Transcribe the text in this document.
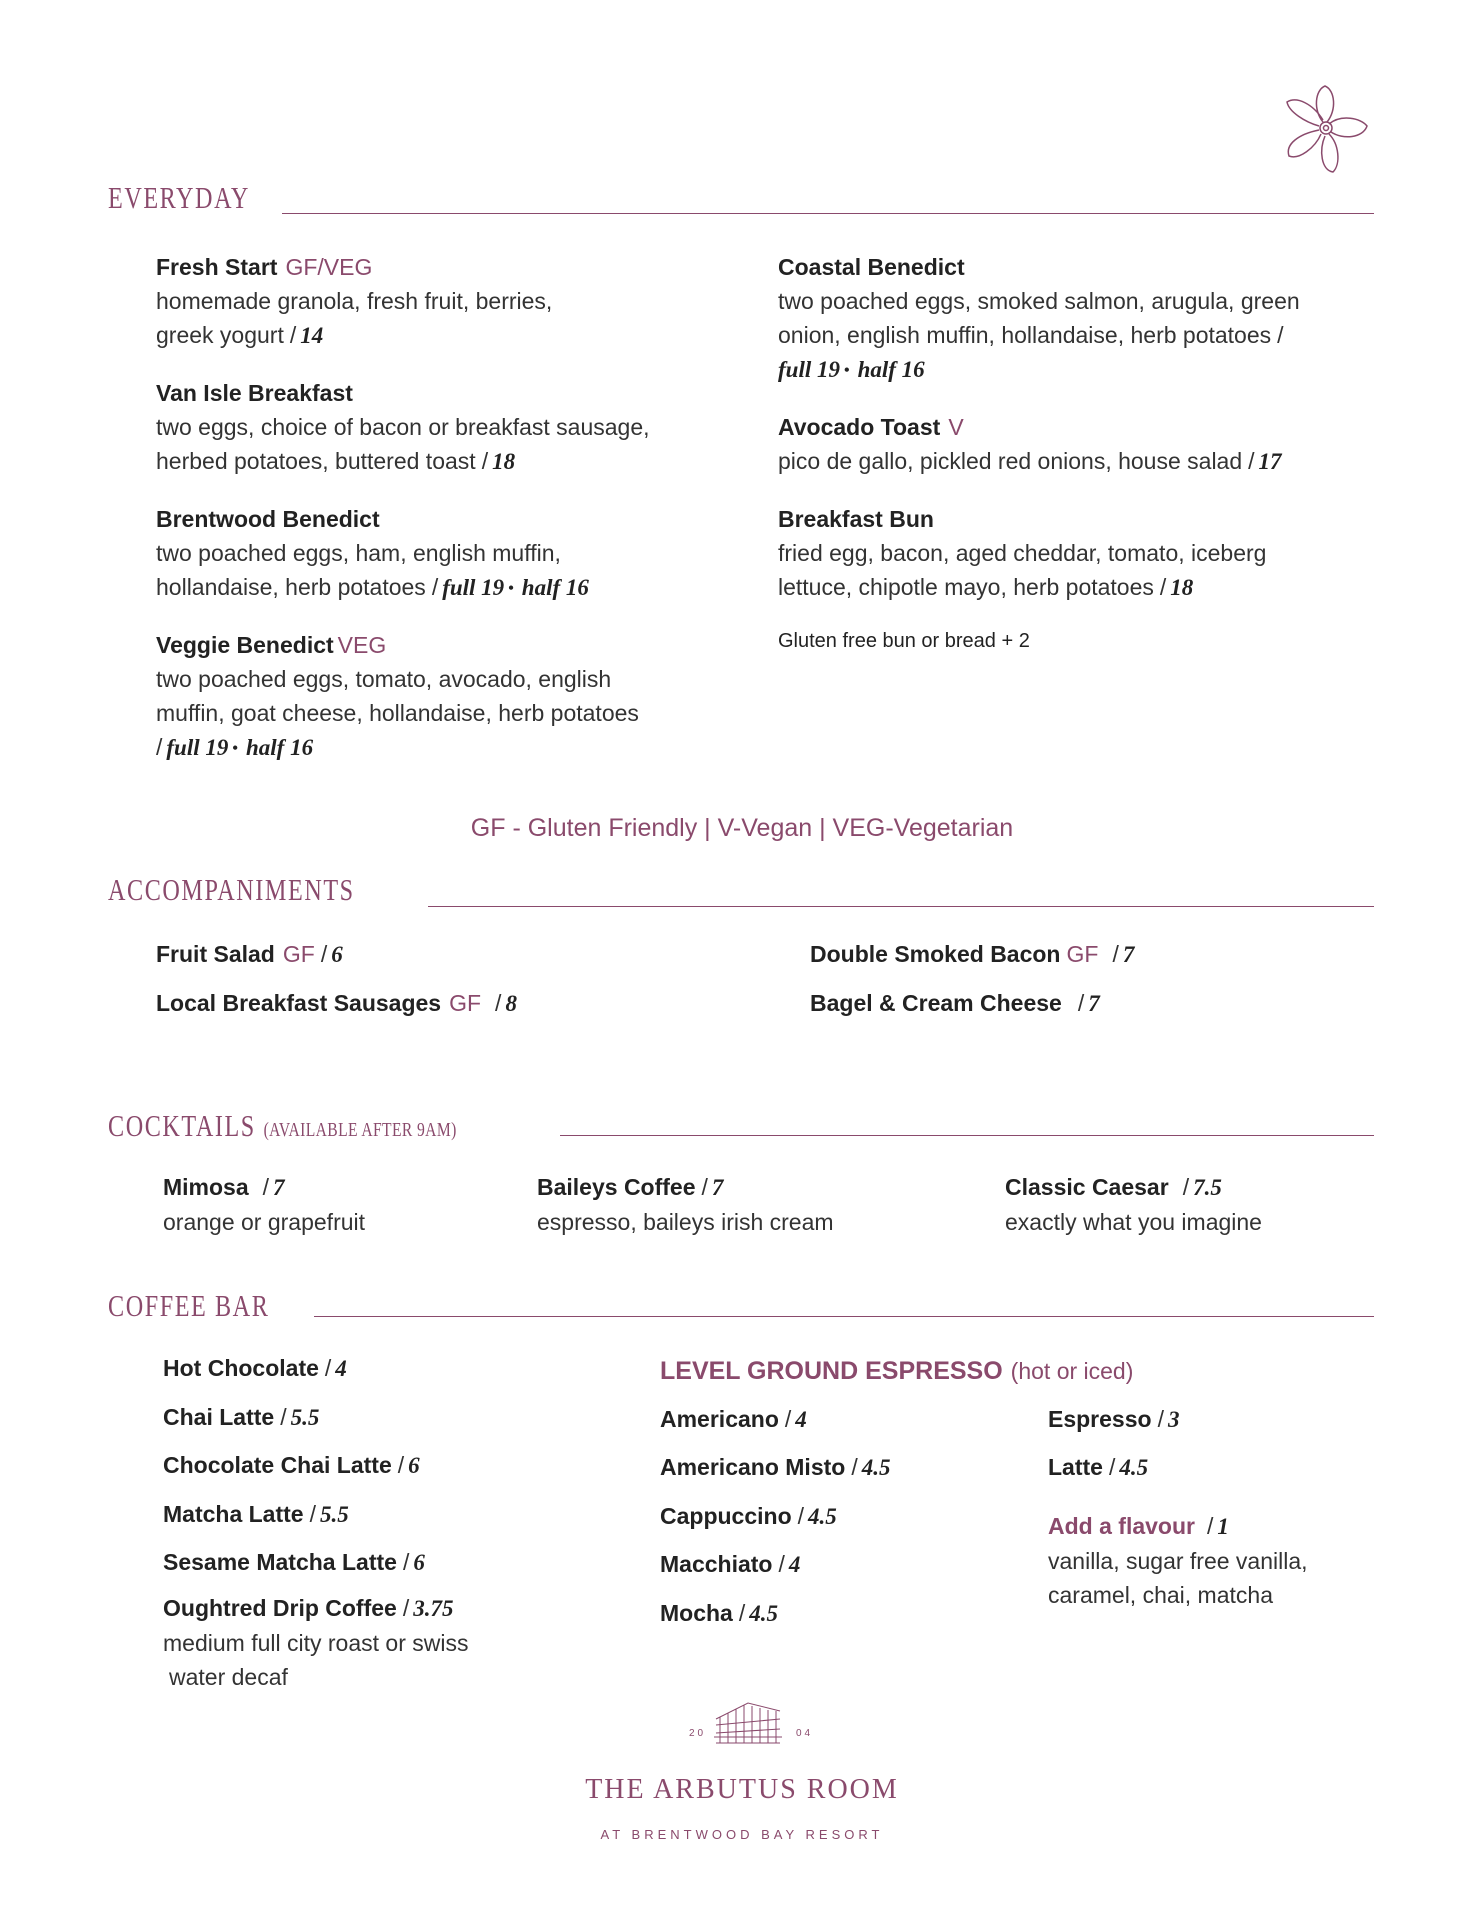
EVERYDAY
Fresh Start GF/VEG
homemade granola, fresh fruit, berries,
greek yogurt / 14
Van Isle Breakfast
two eggs, choice of bacon or breakfast sausage,
herbed potatoes, buttered toast / 18
Brentwood Benedict
two poached eggs, ham, english muffin,
hollandaise, herb potatoes / full 19 • half 16
Veggie Benedict VEG
two poached eggs, tomato, avocado, english
muffin, goat cheese, hollandaise, herb potatoes
/ full 19 • half 16
Coastal Benedict
two poached eggs, smoked salmon, arugula, green
onion, english muffin, hollandaise, herb potatoes /
full 19 • half 16
Avocado Toast V
pico de gallo, pickled red onions, house salad / 17
Breakfast Bun
fried egg, bacon, aged cheddar, tomato, iceberg
lettuce, chipotle mayo, herb potatoes / 18
Gluten free bun or bread + 2
GF - Gluten Friendly | V-Vegan | VEG-Vegetarian
ACCOMPANIMENTS
Fruit Salad GF / 6
Local Breakfast Sausages GF / 8
Double Smoked Bacon GF / 7
Bagel & Cream Cheese / 7
COCKTAILS (AVAILABLE AFTER 9AM)
Mimosa / 7
orange or grapefruit
Baileys Coffee / 7
espresso, baileys irish cream
Classic Caesar / 7.5
exactly what you imagine
COFFEE BAR
Hot Chocolate / 4
Chai Latte / 5.5
Chocolate Chai Latte / 6
Matcha Latte / 5.5
Sesame Matcha Latte / 6
Oughtred Drip Coffee / 3.75
medium full city roast or swiss
water decaf
LEVEL GROUND ESPRESSO (hot or iced)
Americano / 4
Americano Misto / 4.5
Cappuccino / 4.5
Macchiato / 4
Mocha / 4.5
Espresso / 3
Latte / 4.5
Add a flavour / 1
vanilla, sugar free vanilla,
caramel, chai, matcha
20	04
THE ARBUTUS ROOM
AT BRENTWOOD BAY RESORT
